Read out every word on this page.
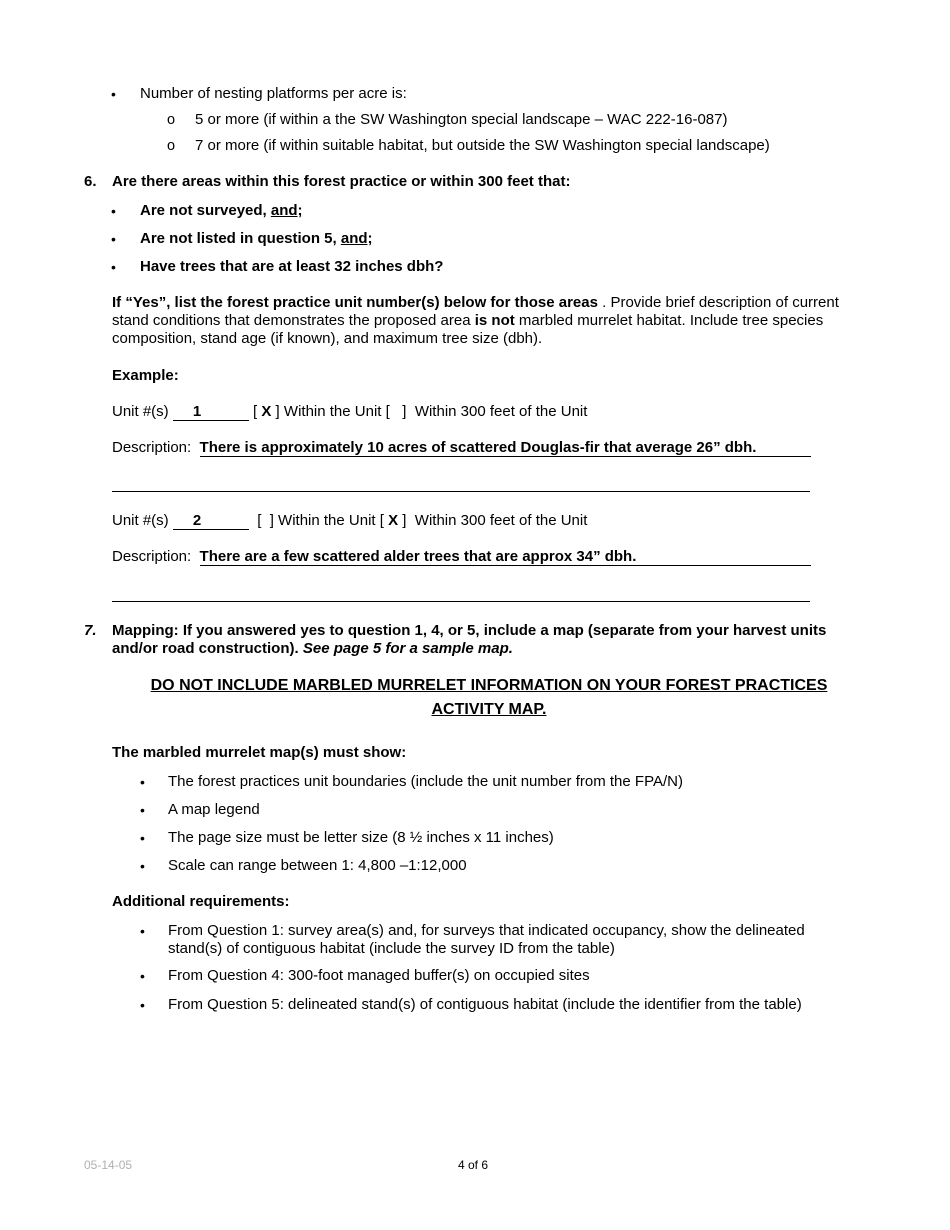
• Number of nesting platforms per acre is:
o 5 or more (if within a the SW Washington special landscape – WAC 222-16-087)
o 7 or more (if within suitable habitat, but outside the SW Washington special landscape)
6. Are there areas within this forest practice or within 300 feet that:
• Are not surveyed, and;
• Are not listed in question 5, and;
• Have trees that are at least 32 inches dbh?
If “Yes”, list the forest practice unit number(s) below for those areas . Provide brief description of current
stand conditions that demonstrates the proposed area is not marbled murrelet habitat. Include tree species
composition, stand age (if known), and maximum tree size (dbh).
Example:
Unit #(s) 1	[ X ] Within the Unit [   ]  Within 300 feet of the Unit
Description: There is approximately 10 acres of scattered Douglas-fir that average 26” dbh.
Unit #(s) 2	[  ] Within the Unit [ X ]  Within 300 feet of the Unit
Description: There are a few scattered alder trees that are approx 34” dbh.
7. Mapping: If you answered yes to question 1, 4, or 5, include a map (separate from your harvest units
and/or road construction). See page 5 for a sample map.
DO NOT INCLUDE MARBLED MURRELET INFORMATION ON YOUR FOREST PRACTICES
ACTIVITY MAP.
The marbled murrelet map(s) must show:
• The forest practices unit boundaries (include the unit number from the FPA/N)
• A map legend
• The page size must be letter size (8 ½ inches x 11 inches)
• Scale can range between 1: 4,800 –1:12,000
Additional requirements:
• From Question 1: survey area(s) and, for surveys that indicated occupancy, show the delineated
stand(s) of contiguous habitat (include the survey ID from the table)
• From Question 4: 300-foot managed buffer(s) on occupied sites
• From Question 5: delineated stand(s) of contiguous habitat (include the identifier from the table)
05-14-05	4 of 6
